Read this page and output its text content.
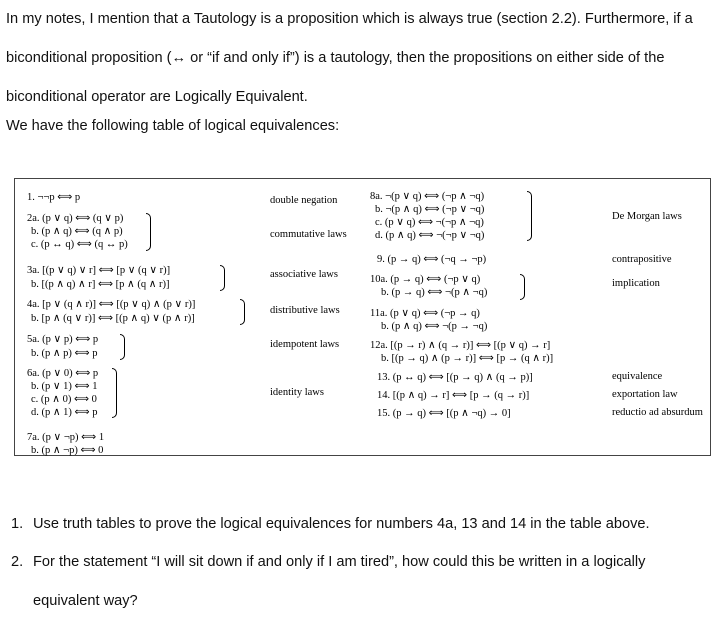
In my notes, I mention that a Tautology is a proposition which is always true (section 2.2). Furthermore, if a biconditional proposition (↔ or “if and only if”) is a tautology, then the propositions on either side of the biconditional operator are Logically Equivalent.

We have the following table of logical equivalences:

1. ¬¬p ⟺ p
2a. (p ∨ q) ⟺ (q ∨ p)
b. (p ∧ q) ⟺ (q ∧ p)
c. (p ↔ q) ⟺ (q ↔ p)
3a. [(p ∨ q) ∨ r] ⟺ [p ∨ (q ∨ r)]
b. [(p ∧ q) ∧ r] ⟺ [p ∧ (q ∧ r)]
4a. [p ∨ (q ∧ r)] ⟺ [(p ∨ q) ∧ (p ∨ r)]
b. [p ∧ (q ∨ r)] ⟺ [(p ∧ q) ∨ (p ∧ r)]
5a. (p ∨ p) ⟺ p
b. (p ∧ p) ⟺ p
6a. (p ∨ 0) ⟺ p
b. (p ∨ 1) ⟺ 1
c. (p ∧ 0) ⟺ 0
d. (p ∧ 1) ⟺ p
7a. (p ∨ ¬p) ⟺ 1
b. (p ∧ ¬p) ⟺ 0
double negation
commutative laws
associative laws
distributive laws
idempotent laws
identity laws
8a. ¬(p ∨ q) ⟺ (¬p ∧ ¬q)
b. ¬(p ∧ q) ⟺ (¬p ∨ ¬q)
c. (p ∨ q) ⟺ ¬(¬p ∧ ¬q)
d. (p ∧ q) ⟺ ¬(¬p ∨ ¬q)
9. (p → q) ⟺ (¬q → ¬p)
10a. (p → q) ⟺ (¬p ∨ q)
b. (p → q) ⟺ ¬(p ∧ ¬q)
11a. (p ∨ q) ⟺ (¬p → q)
b. (p ∧ q) ⟺ ¬(p → ¬q)
12a. [(p → r) ∧ (q → r)] ⟺ [(p ∨ q) → r]
b. [(p → q) ∧ (p → r)] ⟺ [p → (q ∧ r)]
13. (p ↔ q) ⟺ [(p → q) ∧ (q → p)]
14. [(p ∧ q) → r] ⟺ [p → (q → r)]
15. (p → q) ⟺ [(p ∧ ¬q) → 0]
De Morgan laws
contrapositive
implication
equivalence
exportation law
reductio ad absurdum
1. Use truth tables to prove the logical equivalences for numbers 4a, 13 and 14 in the table above.
2. For the statement “I will sit down if and only if I am tired”, how could this be written in a logically equivalent way?
